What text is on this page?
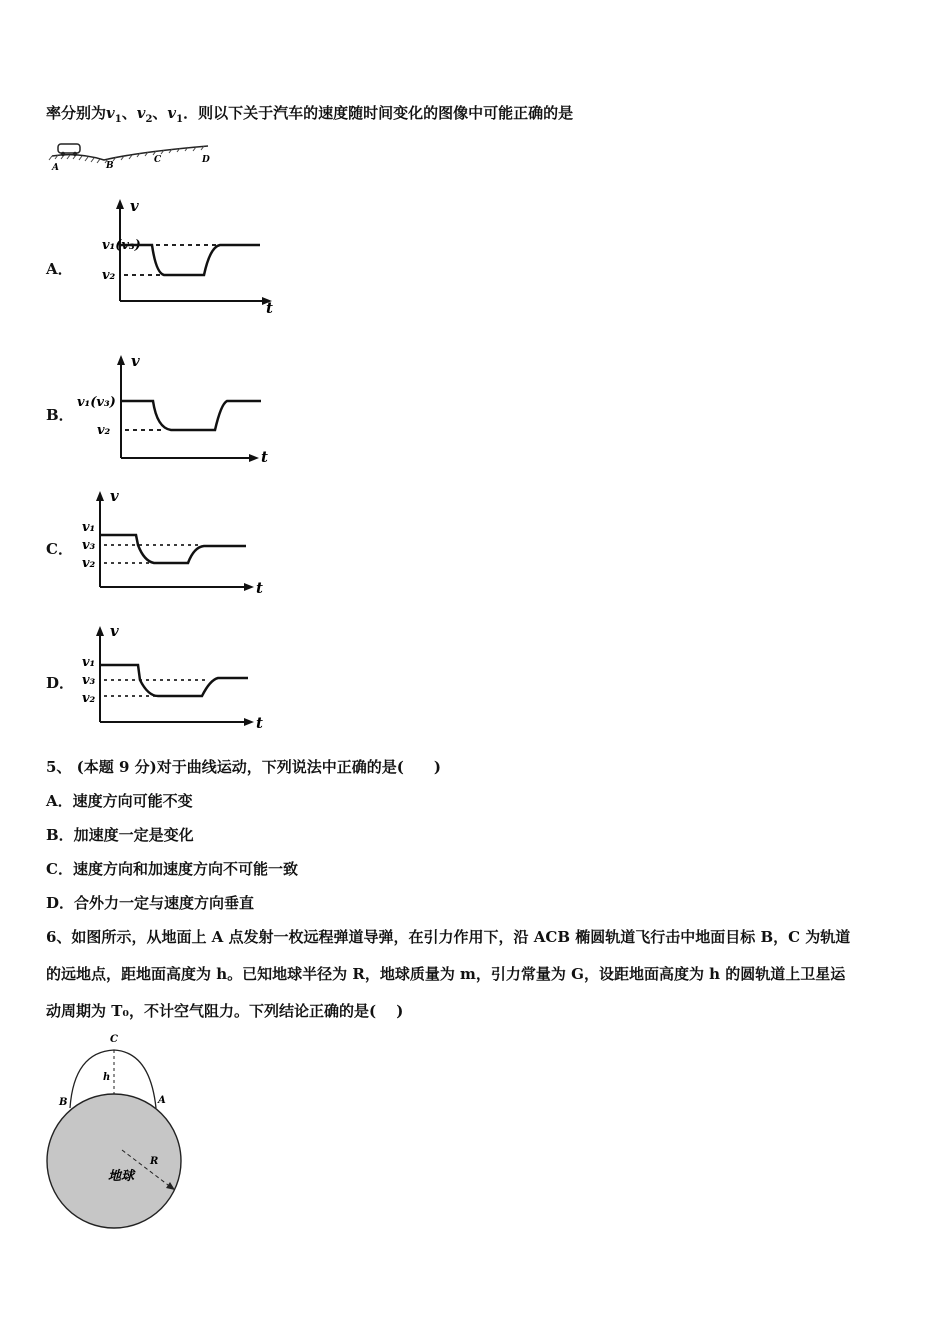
率分别为$v_1$、$v_2$、$v_1$．则以下关于汽车的速度随时间变化的图像中可能正确的是
A	B
C	D
A．
v
t
v₁(v₃)
v₂
B．
v
t
v₁(v₃)
v₂
C．
v
t
v₁
v₃
v₂
D．
v
t
v₁
v₃
v₂
5、 (本题 9 分)对于曲线运动，下列说法中正确的是(　　)
A．速度方向可能不变
B．加速度一定是变化
C．速度方向和加速度方向不可能一致
D．合外力一定与速度方向垂直
6、如图所示，从地面上 A 点发射一枚远程弹道导弹，在引力作用下，沿 ACB 椭圆轨道飞行击中地面目标 B，C 为轨道
的远地点，距地面高度为 h。已知地球半径为 R，地球质量为 m，引力常量为 G，设距地面高度为 h 的圆轨道上卫星运
动周期为 T₀，不计空气阻力。下列结论正确的是(　 )
C
h
B	A
R
地球
